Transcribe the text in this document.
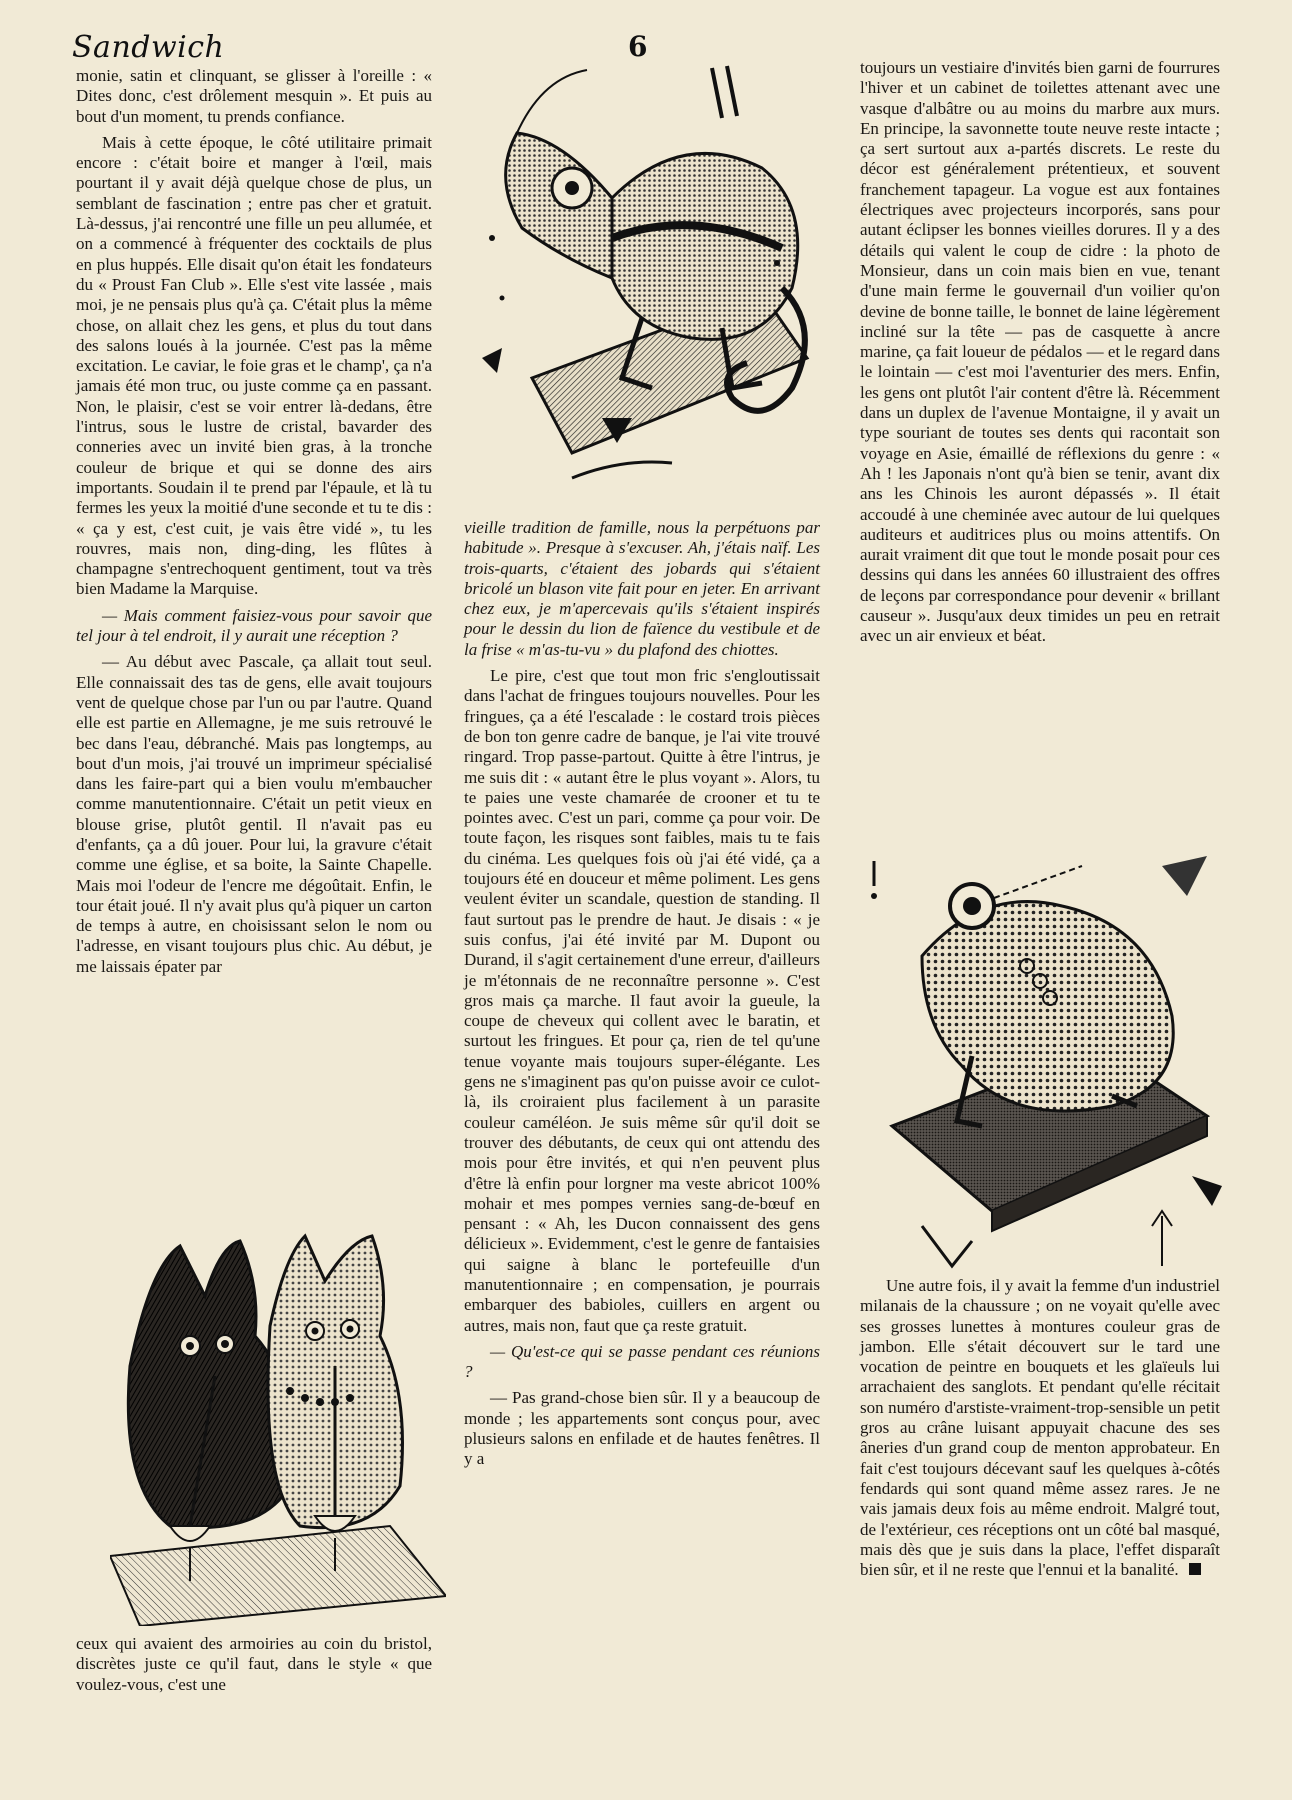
Sandwich	6

monie, satin et clinquant, se glisser à l'oreille : « Dites donc, c'est drôlement mesquin ». Et puis au bout d'un moment, tu prends confiance.

Mais à cette époque, le côté utilitaire primait encore : c'était boire et manger à l'œil, mais pourtant il y avait déjà quelque chose de plus, un semblant de fascination ; entre pas cher et gratuit. Là-dessus, j'ai rencontré une fille un peu allumée, et on a commencé à fréquenter des cocktails de plus en plus huppés. Elle disait qu'on était les fondateurs du « Proust Fan Club ». Elle s'est vite lassée , mais moi, je ne pensais plus qu'à ça. C'était plus la même chose, on allait chez les gens, et plus du tout dans des salons loués à la journée. C'est pas la même excitation. Le caviar, le foie gras et le champ', ça n'a jamais été mon truc, ou juste comme ça en passant. Non, le plaisir, c'est se voir entrer là-dedans, être l'intrus, sous le lustre de cristal, bavarder des conneries avec un invité bien gras, à la tronche couleur de brique et qui se donne des airs importants. Soudain il te prend par l'épaule, et là tu fermes les yeux la moitié d'une seconde et tu te dis : « ça y est, c'est cuit, je vais être vidé », tu les rouvres, mais non, ding-ding, les flûtes à champagne s'entrechoquent gentiment, tout va très bien Madame la Marquise.

— Mais comment faisiez-vous pour savoir que tel jour à tel endroit, il y aurait une réception ?

— Au début avec Pascale, ça allait tout seul. Elle connaissait des tas de gens, elle avait toujours vent de quelque chose par l'un ou par l'autre. Quand elle est partie en Allemagne, je me suis retrouvé le bec dans l'eau, débranché. Mais pas longtemps, au bout d'un mois, j'ai trouvé un imprimeur spécialisé dans les faire-part qui a bien voulu m'embaucher comme manutentionnaire. C'était un petit vieux en blouse grise, plutôt gentil. Il n'avait pas eu d'enfants, ça a dû jouer. Pour lui, la gravure c'était comme une église, et sa boite, la Sainte Chapelle. Mais moi l'odeur de l'encre me dégoûtait. Enfin, le tour était joué. Il n'y avait plus qu'à piquer un carton de temps à autre, en choisissant selon le nom ou l'adresse, en visant toujours plus chic. Au début, je me laissais épater par

ceux qui avaient des armoiries au coin du bristol, discrètes juste ce qu'il faut, dans le style « que voulez-vous, c'est une

vieille tradition de famille, nous la perpétuons par habitude ». Presque à s'excuser. Ah, j'étais naïf. Les trois-quarts, c'étaient des jobards qui s'étaient bricolé un blason vite fait pour en jeter. En arrivant chez eux, je m'apercevais qu'ils s'étaient inspirés pour le dessin du lion de faïence du vestibule et de la frise « m'as-tu-vu » du plafond des chiottes.

Le pire, c'est que tout mon fric s'engloutissait dans l'achat de fringues toujours nouvelles. Pour les fringues, ça a été l'escalade : le costard trois pièces de bon ton genre cadre de banque, je l'ai vite trouvé ringard. Trop passe-partout. Quitte à être l'intrus, je me suis dit : « autant être le plus voyant ». Alors, tu te paies une veste chamarée de crooner et tu te pointes avec. C'est un pari, comme ça pour voir. De toute façon, les risques sont faibles, mais tu te fais du cinéma. Les quelques fois où j'ai été vidé, ça a toujours été en douceur et même poliment. Les gens veulent éviter un scandale, question de standing. Il faut surtout pas le prendre de haut. Je disais : « je suis confus, j'ai été invité par M. Dupont ou Durand, il s'agit certainement d'une erreur, d'ailleurs je m'étonnais de ne reconnaître personne ». C'est gros mais ça marche. Il faut avoir la gueule, la coupe de cheveux qui collent avec le baratin, et surtout les fringues. Et pour ça, rien de tel qu'une tenue voyante mais toujours super-élégante. Les gens ne s'imaginent pas qu'on puisse avoir ce culot-là, ils croiraient plus facilement à un parasite couleur caméléon. Je suis même sûr qu'il doit se trouver des débutants, de ceux qui ont attendu des mois pour être invités, et qui n'en peuvent plus d'être là enfin pour lorgner ma veste abricot 100% mohair et mes pompes vernies sang-de-bœuf en pensant : « Ah, les Ducon connaissent des gens délicieux ». Evidemment, c'est le genre de fantaisies qui saigne à blanc le portefeuille d'un manutentionnaire ; en compensation, je pourrais embarquer des babioles, cuillers en argent ou autres, mais non, faut que ça reste gratuit.

— Qu'est-ce qui se passe pendant ces réunions ?

— Pas grand-chose bien sûr. Il y a beaucoup de monde ; les appartements sont conçus pour, avec plusieurs salons en enfilade et de hautes fenêtres. Il y a

toujours un vestiaire d'invités bien garni de fourrures l'hiver et un cabinet de toilettes attenant avec une vasque d'albâtre ou au moins du marbre aux murs. En principe, la savonnette toute neuve reste intacte ; ça sert surtout aux a-partés discrets. Le reste du décor est généralement prétentieux, et souvent franchement tapageur. La vogue est aux fontaines électriques avec projecteurs incorporés, sans pour autant éclipser les bonnes vieilles dorures. Il y a des détails qui valent le coup de cidre : la photo de Monsieur, dans un coin mais bien en vue, tenant d'une main ferme le gouvernail d'un voilier qu'on devine de bonne taille, le bonnet de laine légèrement incliné sur la tête — pas de casquette à ancre marine, ça fait loueur de pédalos — et le regard dans le lointain — c'est moi l'aventurier des mers. Enfin, les gens ont plutôt l'air content d'être là. Récemment dans un duplex de l'avenue Montaigne, il y avait un type souriant de toutes ses dents qui racontait son voyage en Asie, émaillé de réflexions du genre : « Ah ! les Japonais n'ont qu'à bien se tenir, avant dix ans les Chinois les auront dépassés ». Il était accoudé à une cheminée avec autour de lui quelques auditeurs et auditrices plus ou moins attentifs. On aurait vraiment dit que tout le monde posait pour ces dessins qui dans les années 60 illustraient des offres de leçons par correspondance pour devenir « brillant causeur ». Jusqu'aux deux timides un peu en retrait avec un air envieux et béat.

Une autre fois, il y avait la femme d'un industriel milanais de la chaussure ; on ne voyait qu'elle avec ses grosses lunettes à montures couleur gras de jambon. Elle s'était découvert sur le tard une vocation de peintre en bouquets et les glaïeuls lui arrachaient des sanglots. Et pendant qu'elle récitait son numéro d'arstiste-vraiment-trop-sensible un petit gros au crâne luisant appuyait chacune des ses âneries d'un grand coup de menton approbateur. En fait c'est toujours décevant sauf les quelques à-côtés fendards qui sont quand même assez rares. Je ne vais jamais deux fois au même endroit. Malgré tout, de l'extérieur, ces réceptions ont un côté bal masqué, mais dès que je suis dans la place, l'effet disparaît bien sûr, et il ne reste que l'ennui et la banalité.
